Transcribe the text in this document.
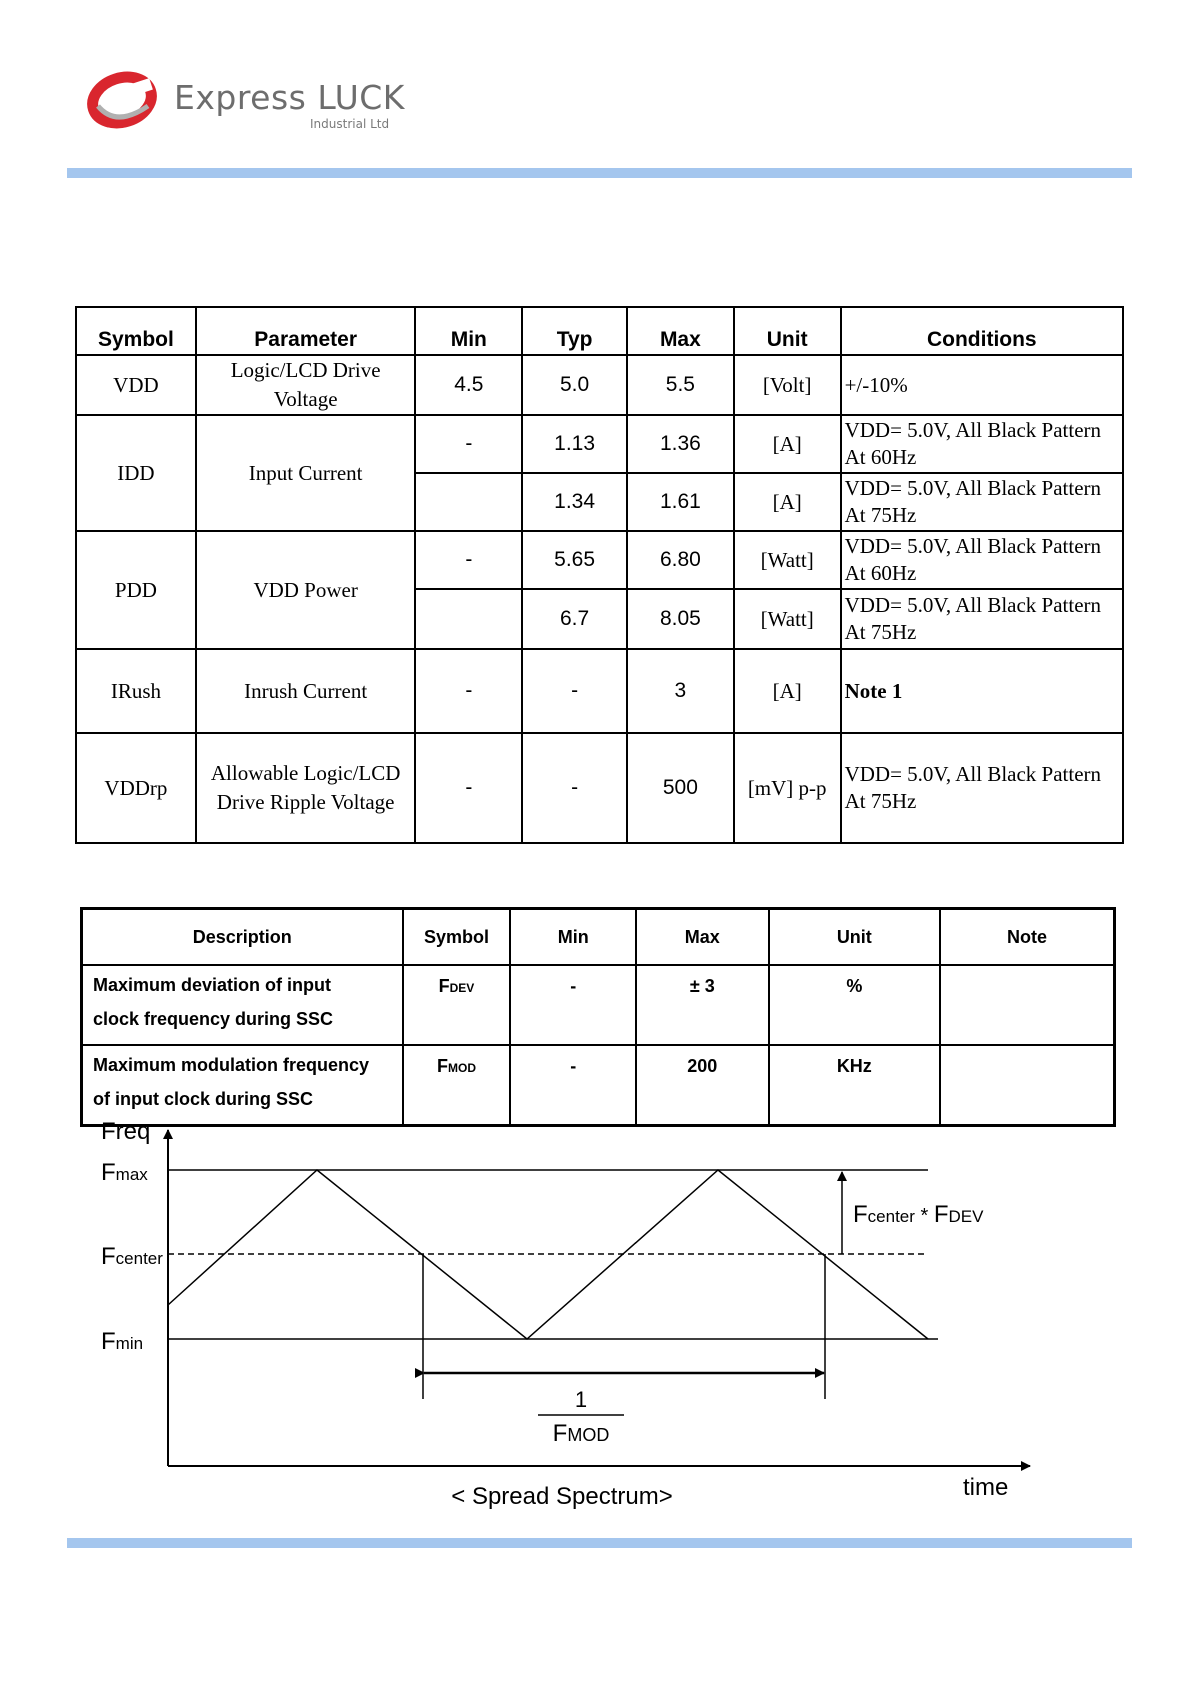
Express LUCK
Industrial Ltd
Symbol	Parameter	Min	Typ	Max	Unit	Conditions
VDD	Logic/LCD Drive
Voltage	4.5	5.0	5.5	[Volt]	+/-10%
IDD	Input Current	-	1.13	1.36	[A]	VDD= 5.0V, All Black Pattern
At 60Hz
			1.34	1.61	[A]	VDD= 5.0V, All Black Pattern
At 75Hz
PDD	VDD Power	-	5.65	6.80	[Watt]	VDD= 5.0V, All Black Pattern
At 60Hz
			6.7	8.05	[Watt]	VDD= 5.0V, All Black Pattern
At 75Hz
IRush	Inrush Current	-	-	3	[A]	Note 1
VDDrp	Allowable Logic/LCD
Drive Ripple Voltage	-	-	500	[mV] p-p	VDD= 5.0V, All Black Pattern
At 75Hz
Description	Symbol	Min	Max	Unit	Note
Maximum deviation of input
clock frequency during SSC	FDEV	-	± 3	%	
Maximum modulation frequency
of input clock during SSC	FMOD	-	200	KHz	
Freq
Fmax
Fcenter
Fmin
Fcenter * FDEV
1
FMOD
time
< Spread Spectrum>
